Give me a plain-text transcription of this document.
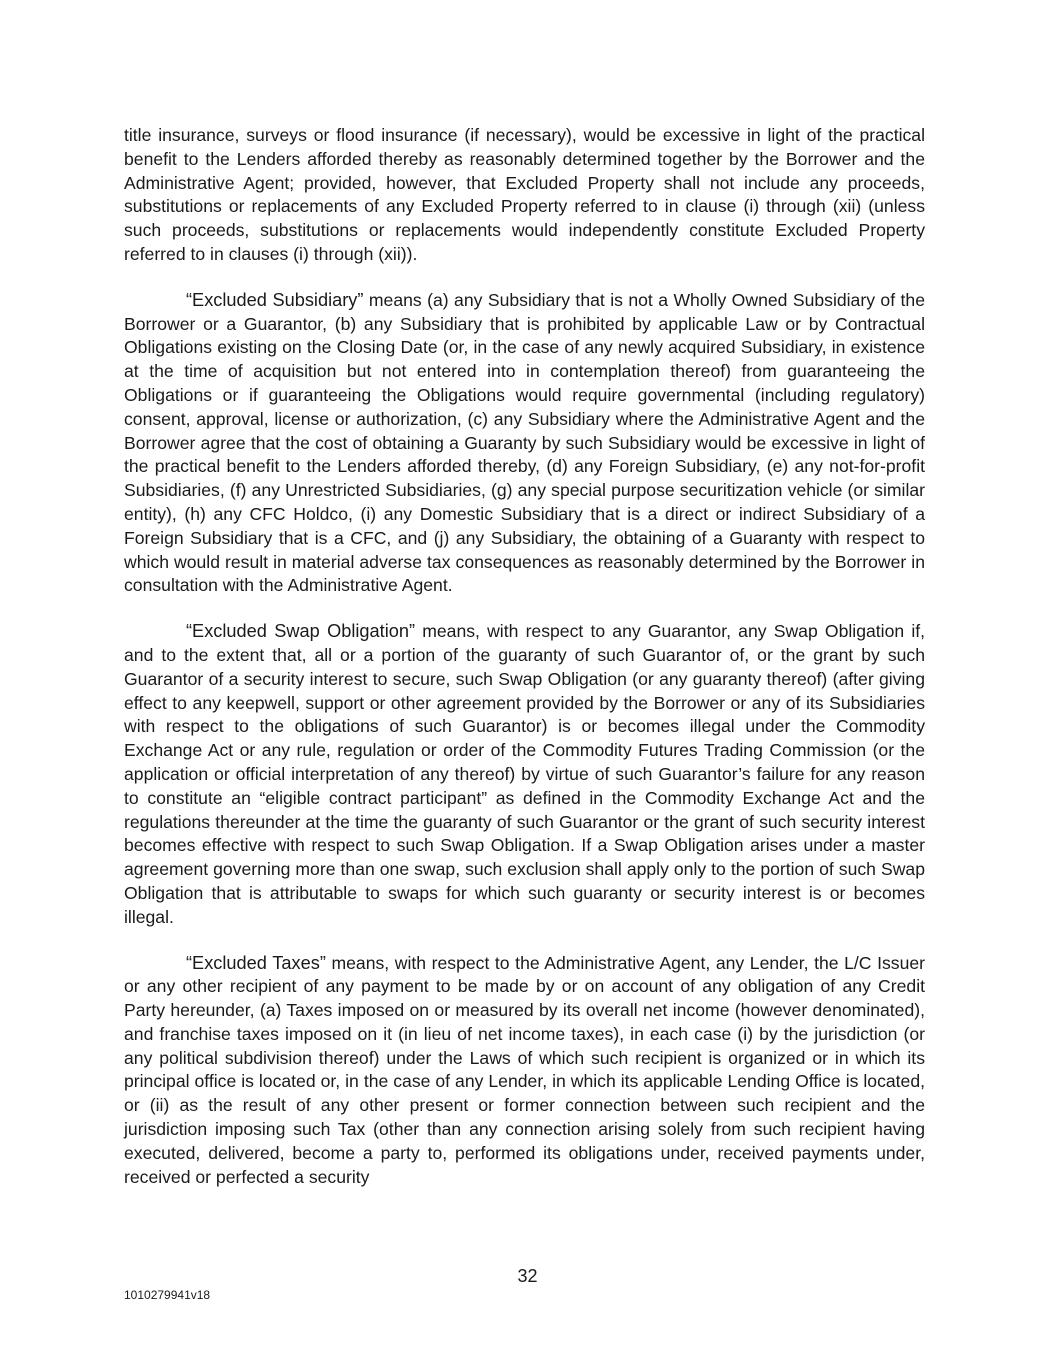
title insurance, surveys or flood insurance (if necessary), would be excessive in light of the practical benefit to the Lenders afforded thereby as reasonably determined together by the Borrower and the Administrative Agent; provided, however, that Excluded Property shall not include any proceeds, substitutions or replacements of any Excluded Property referred to in clause (i) through (xii) (unless such proceeds, substitutions or replacements would independently constitute Excluded Property referred to in clauses (i) through (xii)).

“Excluded Subsidiary” means (a) any Subsidiary that is not a Wholly Owned Subsidiary of the Borrower or a Guarantor, (b) any Subsidiary that is prohibited by applicable Law or by Contractual Obligations existing on the Closing Date (or, in the case of any newly acquired Subsidiary, in existence at the time of acquisition but not entered into in contemplation thereof) from guaranteeing the Obligations or if guaranteeing the Obligations would require governmental (including regulatory) consent, approval, license or authorization, (c) any Subsidiary where the Administrative Agent and the Borrower agree that the cost of obtaining a Guaranty by such Subsidiary would be excessive in light of the practical benefit to the Lenders afforded thereby, (d) any Foreign Subsidiary, (e) any not-for-profit Subsidiaries, (f) any Unrestricted Subsidiaries, (g) any special purpose securitization vehicle (or similar entity), (h) any CFC Holdco, (i) any Domestic Subsidiary that is a direct or indirect Subsidiary of a Foreign Subsidiary that is a CFC, and (j) any Subsidiary, the obtaining of a Guaranty with respect to which would result in material adverse tax consequences as reasonably determined by the Borrower in consultation with the Administrative Agent.

“Excluded Swap Obligation” means, with respect to any Guarantor, any Swap Obligation if, and to the extent that, all or a portion of the guaranty of such Guarantor of, or the grant by such Guarantor of a security interest to secure, such Swap Obligation (or any guaranty thereof) (after giving effect to any keepwell, support or other agreement provided by the Borrower or any of its Subsidiaries with respect to the obligations of such Guarantor) is or becomes illegal under the Commodity Exchange Act or any rule, regulation or order of the Commodity Futures Trading Commission (or the application or official interpretation of any thereof) by virtue of such Guarantor’s failure for any reason to constitute an “eligible contract participant” as defined in the Commodity Exchange Act and the regulations thereunder at the time the guaranty of such Guarantor or the grant of such security interest becomes effective with respect to such Swap Obligation. If a Swap Obligation arises under a master agreement governing more than one swap, such exclusion shall apply only to the portion of such Swap Obligation that is attributable to swaps for which such guaranty or security interest is or becomes illegal.

“Excluded Taxes” means, with respect to the Administrative Agent, any Lender, the L/C Issuer or any other recipient of any payment to be made by or on account of any obligation of any Credit Party hereunder, (a) Taxes imposed on or measured by its overall net income (however denominated), and franchise taxes imposed on it (in lieu of net income taxes), in each case (i) by the jurisdiction (or any political subdivision thereof) under the Laws of which such recipient is organized or in which its principal office is located or, in the case of any Lender, in which its applicable Lending Office is located, or (ii) as the result of any other present or former connection between such recipient and the jurisdiction imposing such Tax (other than any connection arising solely from such recipient having executed, delivered, become a party to, performed its obligations under, received payments under, received or perfected a security

32
1010279941v18
